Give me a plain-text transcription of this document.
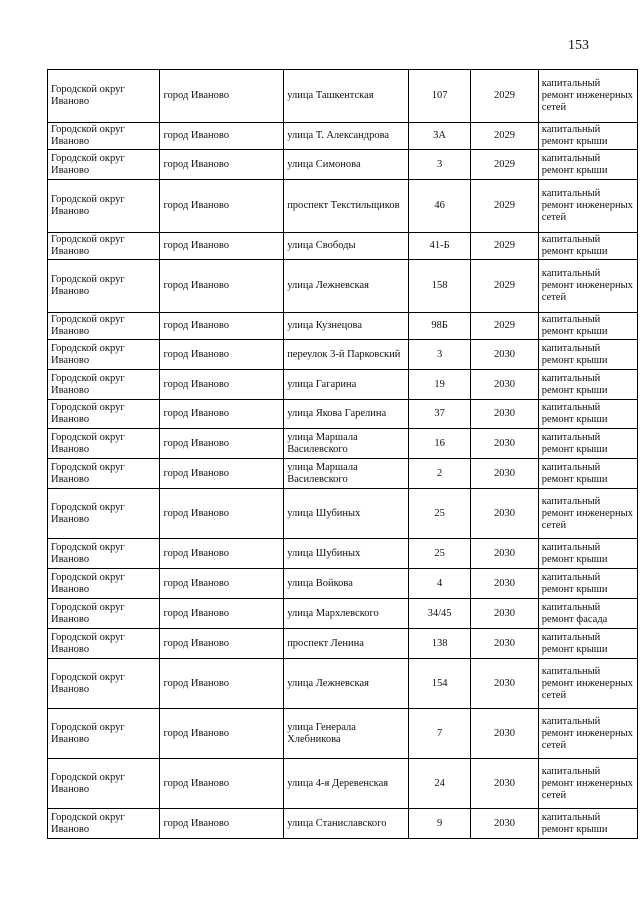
153
Городской округ Иваново	город Иваново	улица Ташкентская	107	2029	капитальный ремонт инженерных сетей
Городской округ Иваново	город Иваново	улица Т. Александрова	3А	2029	капитальный ремонт крыши
Городской округ Иваново	город Иваново	улица Симонова	3	2029	капитальный ремонт крыши
Городской округ Иваново	город Иваново	проспект Текстильщиков	46	2029	капитальный ремонт инженерных сетей
Городской округ Иваново	город Иваново	улица Свободы	41-Б	2029	капитальный ремонт крыши
Городской округ Иваново	город Иваново	улица Лежневская	158	2029	капитальный ремонт инженерных сетей
Городской округ Иваново	город Иваново	улица Кузнецова	98Б	2029	капитальный ремонт крыши
Городской округ Иваново	город Иваново	переулок 3-й Парковский	3	2030	капитальный ремонт крыши
Городской округ Иваново	город Иваново	улица Гагарина	19	2030	капитальный ремонт крыши
Городской округ Иваново	город Иваново	улица Якова Гарелина	37	2030	капитальный ремонт крыши
Городской округ Иваново	город Иваново	улица Маршала Василевского	16	2030	капитальный ремонт крыши
Городской округ Иваново	город Иваново	улица Маршала Василевского	2	2030	капитальный ремонт крыши
Городской округ Иваново	город Иваново	улица Шубиных	25	2030	капитальный ремонт инженерных сетей
Городской округ Иваново	город Иваново	улица Шубиных	25	2030	капитальный ремонт крыши
Городской округ Иваново	город Иваново	улица Войкова	4	2030	капитальный ремонт крыши
Городской округ Иваново	город Иваново	улица Мархлевского	34/45	2030	капитальный ремонт фасада
Городской округ Иваново	город Иваново	проспект Ленина	138	2030	капитальный ремонт крыши
Городской округ Иваново	город Иваново	улица Лежневская	154	2030	капитальный ремонт инженерных сетей
Городской округ Иваново	город Иваново	улица Генерала Хлебникова	7	2030	капитальный ремонт инженерных сетей
Городской округ Иваново	город Иваново	улица 4-я Деревенская	24	2030	капитальный ремонт инженерных сетей
Городской округ Иваново	город Иваново	улица Станиславского	9	2030	капитальный ремонт крыши
